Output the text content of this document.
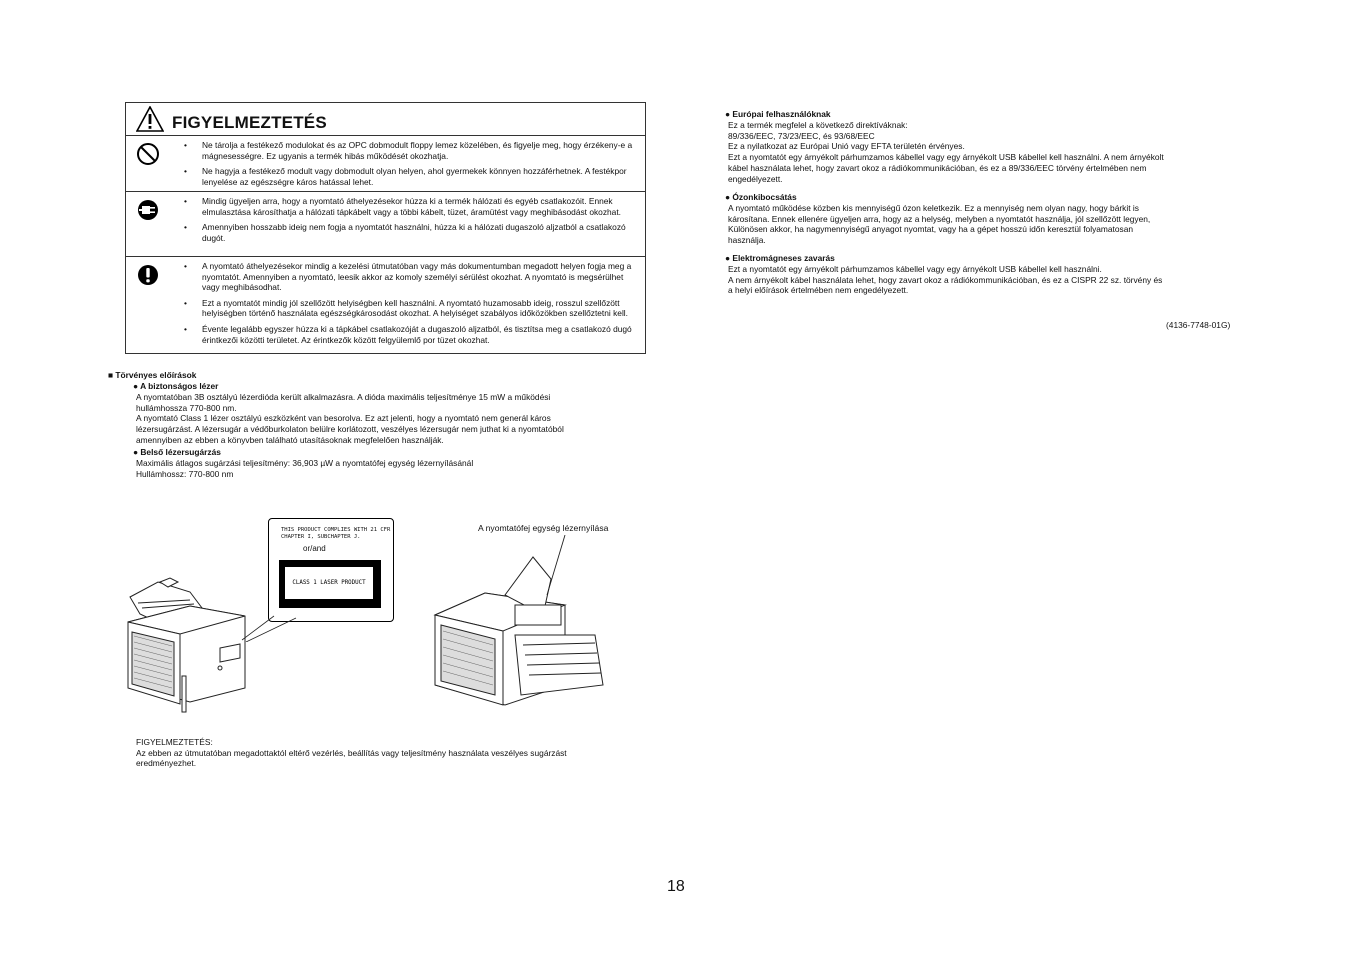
FIGYELMEZTETÉS
• Ne tárolja a festékező modulokat és az OPC dobmodult floppy lemez közelében, és figyelje meg, hogy érzékeny-e a mágnesességre. Ez ugyanis a termék hibás működését okozhatja.
• Ne hagyja a festékező modult vagy dobmodult olyan helyen, ahol gyermekek könnyen hozzáférhetnek. A festékpor lenyelése az egészségre káros hatással lehet.
• Mindig ügyeljen arra, hogy a nyomtató áthelyezésekor húzza ki a termék hálózati és egyéb csatlakozóit. Ennek elmulasztása károsíthatja a hálózati tápkábelt vagy a többi kábelt, tüzet, áramütést vagy meghibásodást okozhat.
• Amennyiben hosszabb ideig nem fogja a nyomtatót használni, húzza ki a hálózati dugaszoló aljzatból a csatlakozó dugót.
• A nyomtató áthelyezésekor mindig a kezelési útmutatóban vagy más dokumentumban megadott helyen fogja meg a nyomtatót. Amennyiben a nyomtató, leesik akkor az komoly személyi sérülést okozhat. A nyomtató is megsérülhet vagy meghibásodhat.
• Ezt a nyomtatót mindig jól szellőzött helyiségben kell használni. A nyomtató huzamosabb ideig, rosszul szellőzött helyiségben történő használata egészségkárosodást okozhat. A helyiséget szabályos időközökben szellőztetni kell.
• Évente legalább egyszer húzza ki a tápkábel csatlakozóját a dugaszoló aljzatból, és tisztítsa meg a csatlakozó dugó érintkezői közötti területet. Az érintkezők között felgyülemlő por tüzet okozhat.
■ Törvényes előírások
● A biztonságos lézer
A nyomtatóban 3B osztályú lézerdióda került alkalmazásra. A dióda maximális teljesítménye 15 mW a működési
hullámhossza 770-800 nm.
A nyomtató Class 1 lézer osztályú eszközként van besorolva. Ez azt jelenti, hogy a nyomtató nem generál káros
lézersugárzást. A lézersugár a védőburkolaton belülre korlátozott, veszélyes lézersugár nem juthat ki a nyomtatóból
amennyiben az ebben a könyvben található utasításoknak megfelelően használják.
● Belső lézersugárzás
Maximális átlagos sugárzási teljesítmény: 36,903 µW a nyomtatófej egység lézernyílásánál
Hullámhossz: 770-800 nm
THIS PRODUCT COMPLIES WITH 21 CFR
CHAPTER I, SUBCHAPTER J.
or/and
CLASS 1 LASER PRODUCT
A nyomtatófej egység lézernyílása
FIGYELMEZTETÉS:
Az ebben az útmutatóban megadottaktól eltérő vezérlés, beállítás vagy teljesítmény használata veszélyes sugárzást
eredményezhet.
● Európai felhasználóknak
Ez a termék megfelel a következő direktíváknak:
89/336/EEC, 73/23/EEC, és 93/68/EEC
Ez a nyilatkozat az Európai Unió vagy EFTA területén érvényes.
Ezt a nyomtatót egy árnyékolt párhumzamos kábellel vagy egy árnyékolt USB kábellel kell használni. A nem árnyékolt
kábel használata lehet, hogy zavart okoz a rádiókommunikációban, és ez a 89/336/EEC törvény értelmében nem
engedélyezett.
● Ózonkibocsátás
A nyomtató működése közben kis mennyiségű ózon keletkezik. Ez a mennyiség nem olyan nagy, hogy bárkit is
károsítana. Ennek ellenére ügyeljen arra, hogy az a helység, melyben a nyomtatót használja, jól szellőzött legyen,
Különösen akkor, ha nagymennyiségű anyagot nyomtat, vagy ha a gépet hosszú időn keresztül folyamatosan
használja.
● Elektromágneses zavarás
Ezt a nyomtatót egy árnyékolt párhumzamos kábellel vagy egy árnyékolt USB kábellel kell használni.
A nem árnyékolt kábel használata lehet, hogy zavart okoz a rádiókommunikációban, és ez a CISPR 22 sz. törvény és
a helyi előírások értelmében nem engedélyezett.
(4136-7748-01G)
18
